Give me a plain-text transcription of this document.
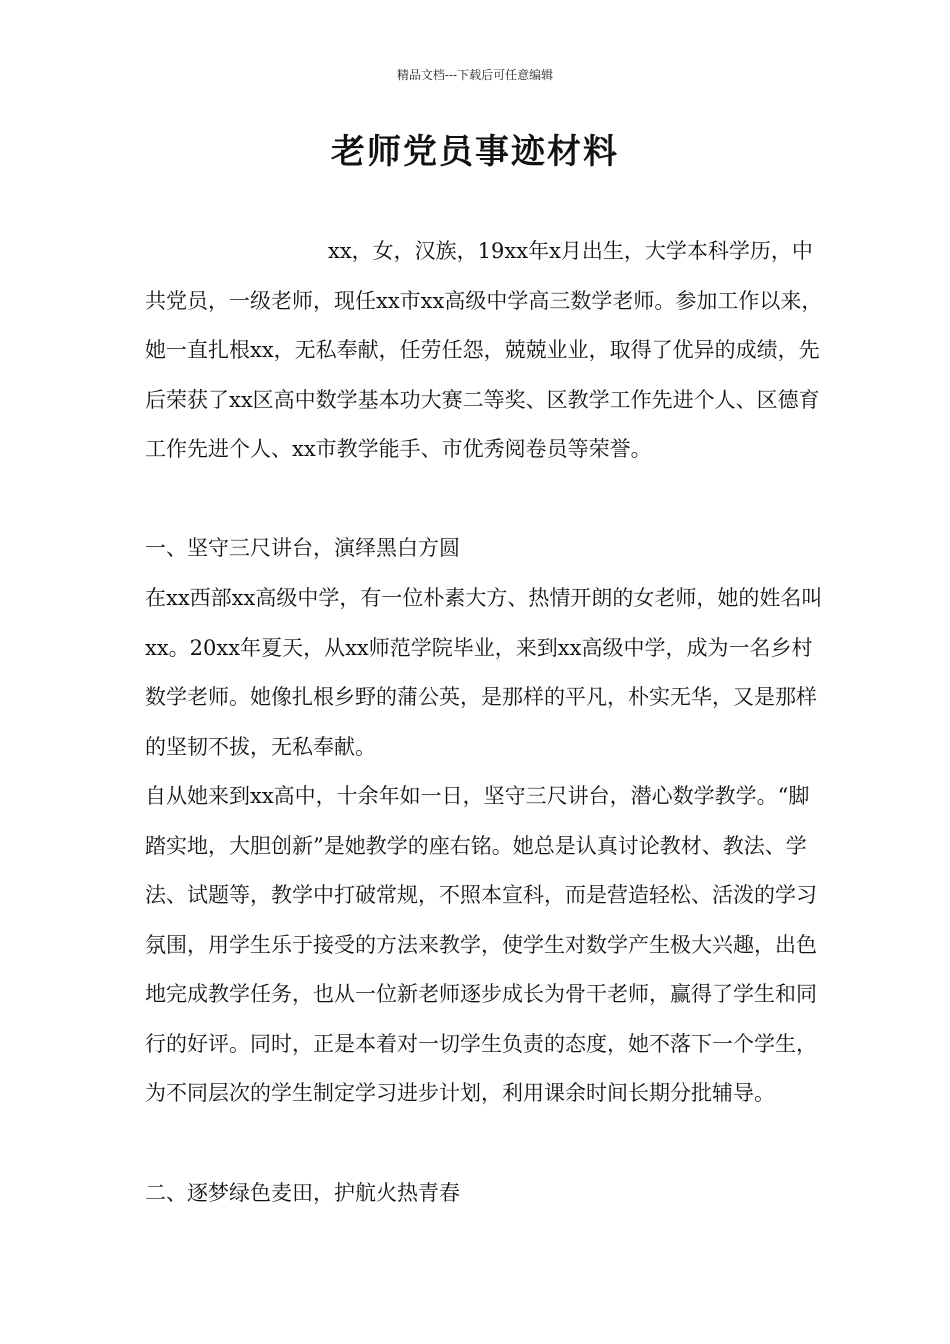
精品文档---下载后可任意编辑
老师党员事迹材料

xx，女，汉族，19xx年x月出生，大学本科学历，中共党员，一级老师，现任xx市xx高级中学高三数学老师。参加工作以来，她一直扎根xx，无私奉献，任劳任怨，兢兢业业，取得了优异的成绩，先后荣获了xx区高中数学基本功大赛二等奖、区教学工作先进个人、区德育工作先进个人、xx市教学能手、市优秀阅卷员等荣誉。

一、坚守三尺讲台，演绎黑白方圆

在xx西部xx高级中学，有一位朴素大方、热情开朗的女老师，她的姓名叫xx。20xx年夏天，从xx师范学院毕业，来到xx高级中学，成为一名乡村数学老师。她像扎根乡野的蒲公英，是那样的平凡，朴实无华，又是那样的坚韧不拔，无私奉献。

自从她来到xx高中，十余年如一日，坚守三尺讲台，潜心数学教学。“脚踏实地，大胆创新”是她教学的座右铭。她总是认真讨论教材、教法、学法、试题等，教学中打破常规，不照本宣科，而是营造轻松、活泼的学习氛围，用学生乐于接受的方法来教学，使学生对数学产生极大兴趣，出色地完成教学任务，也从一位新老师逐步成长为骨干老师，赢得了学生和同行的好评。同时，正是本着对一切学生负责的态度，她不落下一个学生，为不同层次的学生制定学习进步计划，利用课余时间长期分批辅导。

二、逐梦绿色麦田，护航火热青春
